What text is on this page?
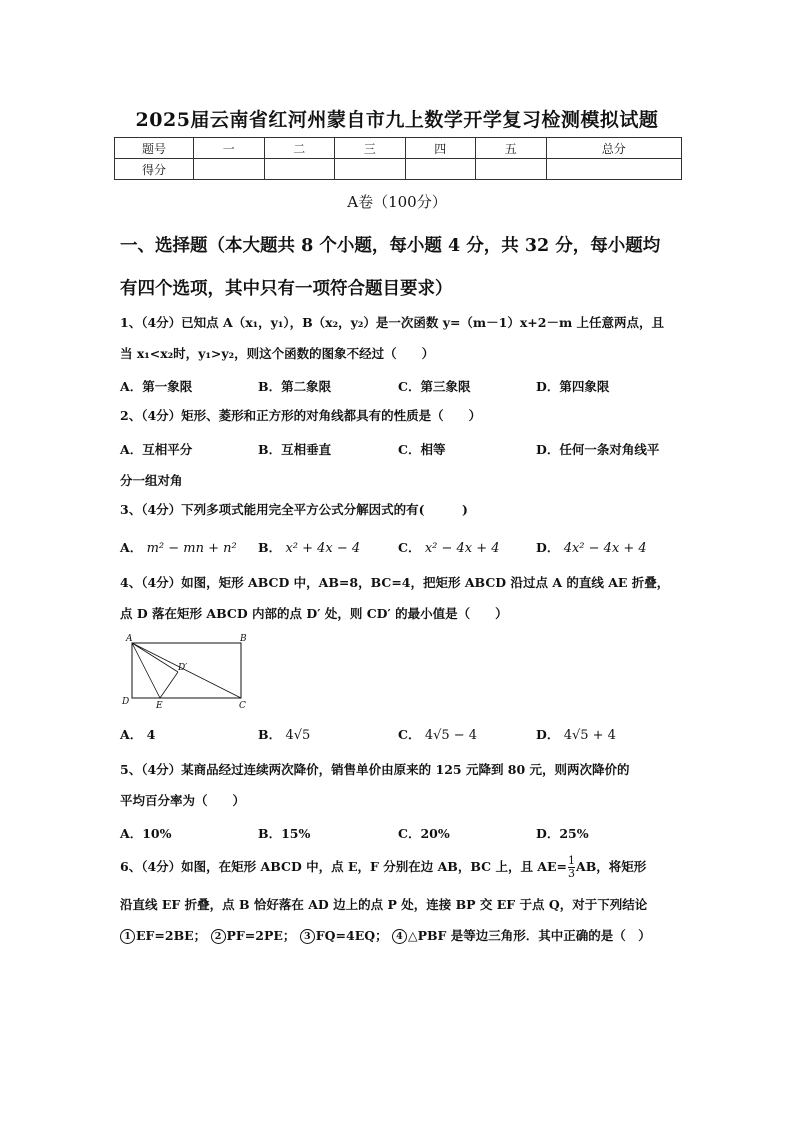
2025届云南省红河州蒙自市九上数学开学复习检测模拟试题
题号	一	二	三	四	五	总分
得分						
A卷（100分）
一、选择题（本大题共 8 个小题，每小题 4 分，共 32 分，每小题均
有四个选项，其中只有一项符合题目要求）
1、（4分）已知点 A（x₁，y₁），B（x₂，y₂）是一次函数 y=（m－1）x+2－m 上任意两点，且
当 x₁<x₂时，y₁>y₂，则这个函数的图象不经过（　　）
A．第一象限	B．第二象限	C．第三象限	D．第四象限
2、（4分）矩形、菱形和正方形的对角线都具有的性质是（　　）
A．互相平分	B．互相垂直	C．相等	D．任何一条对角线平
分一组对角
3、（4分）下列多项式能用完全平方公式分解因式的有(　　　)
A． m² − mn + n² B． x² + 4x − 4	C． x² − 4x + 4	D． 4x² − 4x + 4
4、（4分）如图，矩形 ABCD 中，AB=8，BC=4，把矩形 ABCD 沿过点 A 的直线 AE 折叠，
点 D 落在矩形 ABCD 内部的点 D′ 处，则 CD′ 的最小值是（　　）
A	B
C
D	E
D′
A． 4	B． 4√5	C． 4√5 − 4	D． 4√5 + 4
5、（4分）某商品经过连续两次降价，销售单价由原来的 125 元降到 80 元，则两次降价的
平均百分率为（　　）
A．10%	B．15%	C．20%	D．25%
6、（4分）如图，在矩形 ABCD 中，点 E，F 分别在边 AB，BC 上，且 $AE= \frac{1}{3}$ AB，将矩形
沿直线 EF 折叠，点 B 恰好落在 AD 边上的点 P 处，连接 BP 交 EF 于点 Q，对于下列结论
1 EF=2BE； 2 PF=2PE； 3 FQ=4EQ； 4 △PBF 是等边三角形．其中正确的是（　）
